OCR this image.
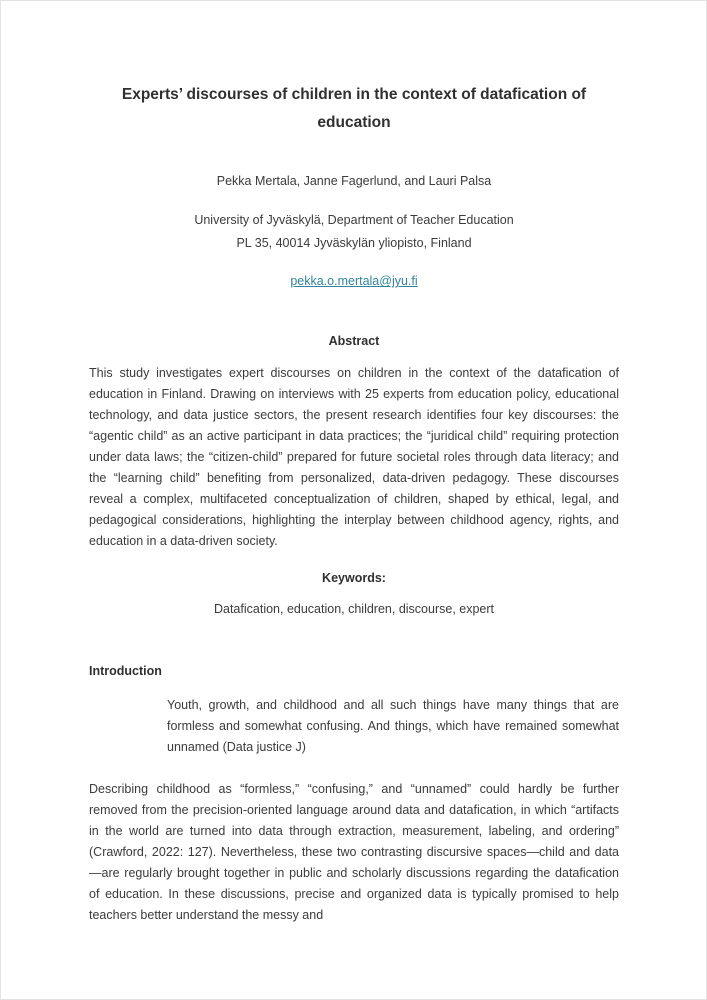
Experts’ discourses of children in the context of datafication of education

Pekka Mertala, Janne Fagerlund, and Lauri Palsa

University of Jyväskylä, Department of Teacher Education

PL 35, 40014 Jyväskylän yliopisto, Finland

pekka.o.mertala@jyu.fi

Abstract

This study investigates expert discourses on children in the context of the datafication of education in Finland. Drawing on interviews with 25 experts from education policy, educational technology, and data justice sectors, the present research identifies four key discourses: the “agentic child” as an active participant in data practices; the “juridical child” requiring protection under data laws; the “citizen-child” prepared for future societal roles through data literacy; and the “learning child” benefiting from personalized, data-driven pedagogy. These discourses reveal a complex, multifaceted conceptualization of children, shaped by ethical, legal, and pedagogical considerations, highlighting the interplay between childhood agency, rights, and education in a data-driven society.

Keywords:

Datafication, education, children, discourse, expert

Introduction

Youth, growth, and childhood and all such things have many things that are formless and somewhat confusing. And things, which have remained somewhat unnamed (Data justice J)

Describing childhood as “formless,” “confusing,” and “unnamed” could hardly be further removed from the precision-oriented language around data and datafication, in which “artifacts in the world are turned into data through extraction, measurement, labeling, and ordering” (Crawford, 2022: 127). Nevertheless, these two contrasting discursive spaces—child and data—are regularly brought together in public and scholarly discussions regarding the datafication of education. In these discussions, precise and organized data is typically promised to help teachers better understand the messy and
